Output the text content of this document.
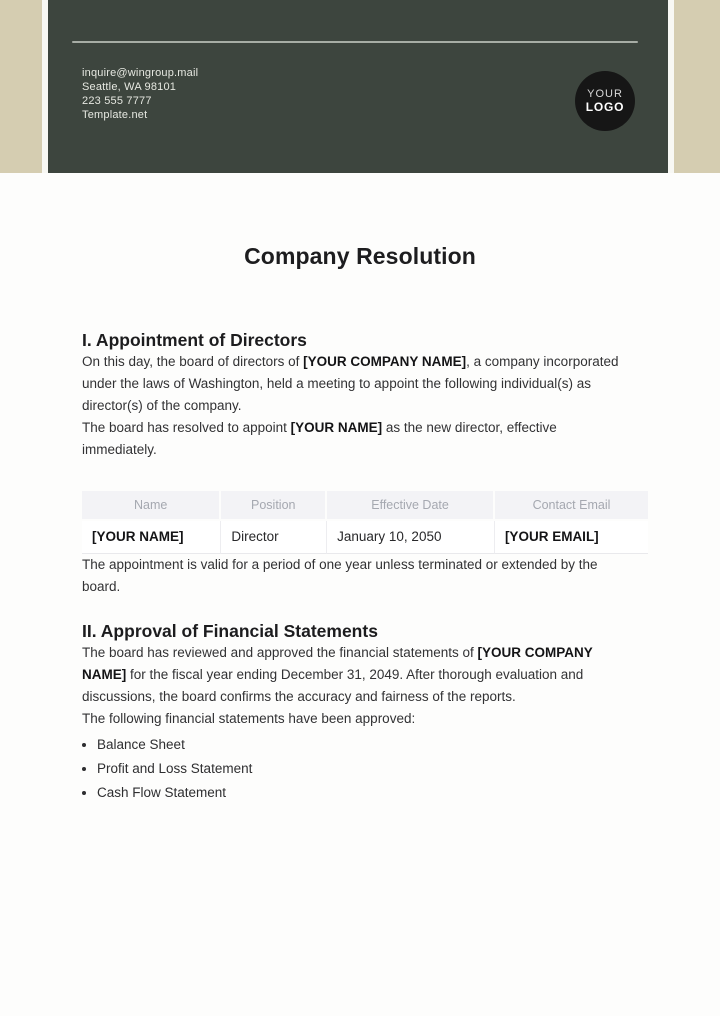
inquire@wingroup.mail
Seattle, WA 98101
223 555 7777
Template.net
YOUR
LOGO
Company Resolution
I. Appointment of Directors

On this day, the board of directors of [YOUR COMPANY NAME], a company incorporated under the laws of Washington, held a meeting to appoint the following individual(s) as director(s) of the company.

The board has resolved to appoint [YOUR NAME] as the new director, effective immediately.

Name	Position	Effective Date	Contact Email
[YOUR NAME]	Director	January 10, 2050	[YOUR EMAIL]

The appointment is valid for a period of one year unless terminated or extended by the board.

II. Approval of Financial Statements

The board has reviewed and approved the financial statements of [YOUR COMPANY NAME] for the fiscal year ending December 31, 2049. After thorough evaluation and discussions, the board confirms the accuracy and fairness of the reports.

The following financial statements have been approved:

• Balance Sheet
• Profit and Loss Statement
• Cash Flow Statement
